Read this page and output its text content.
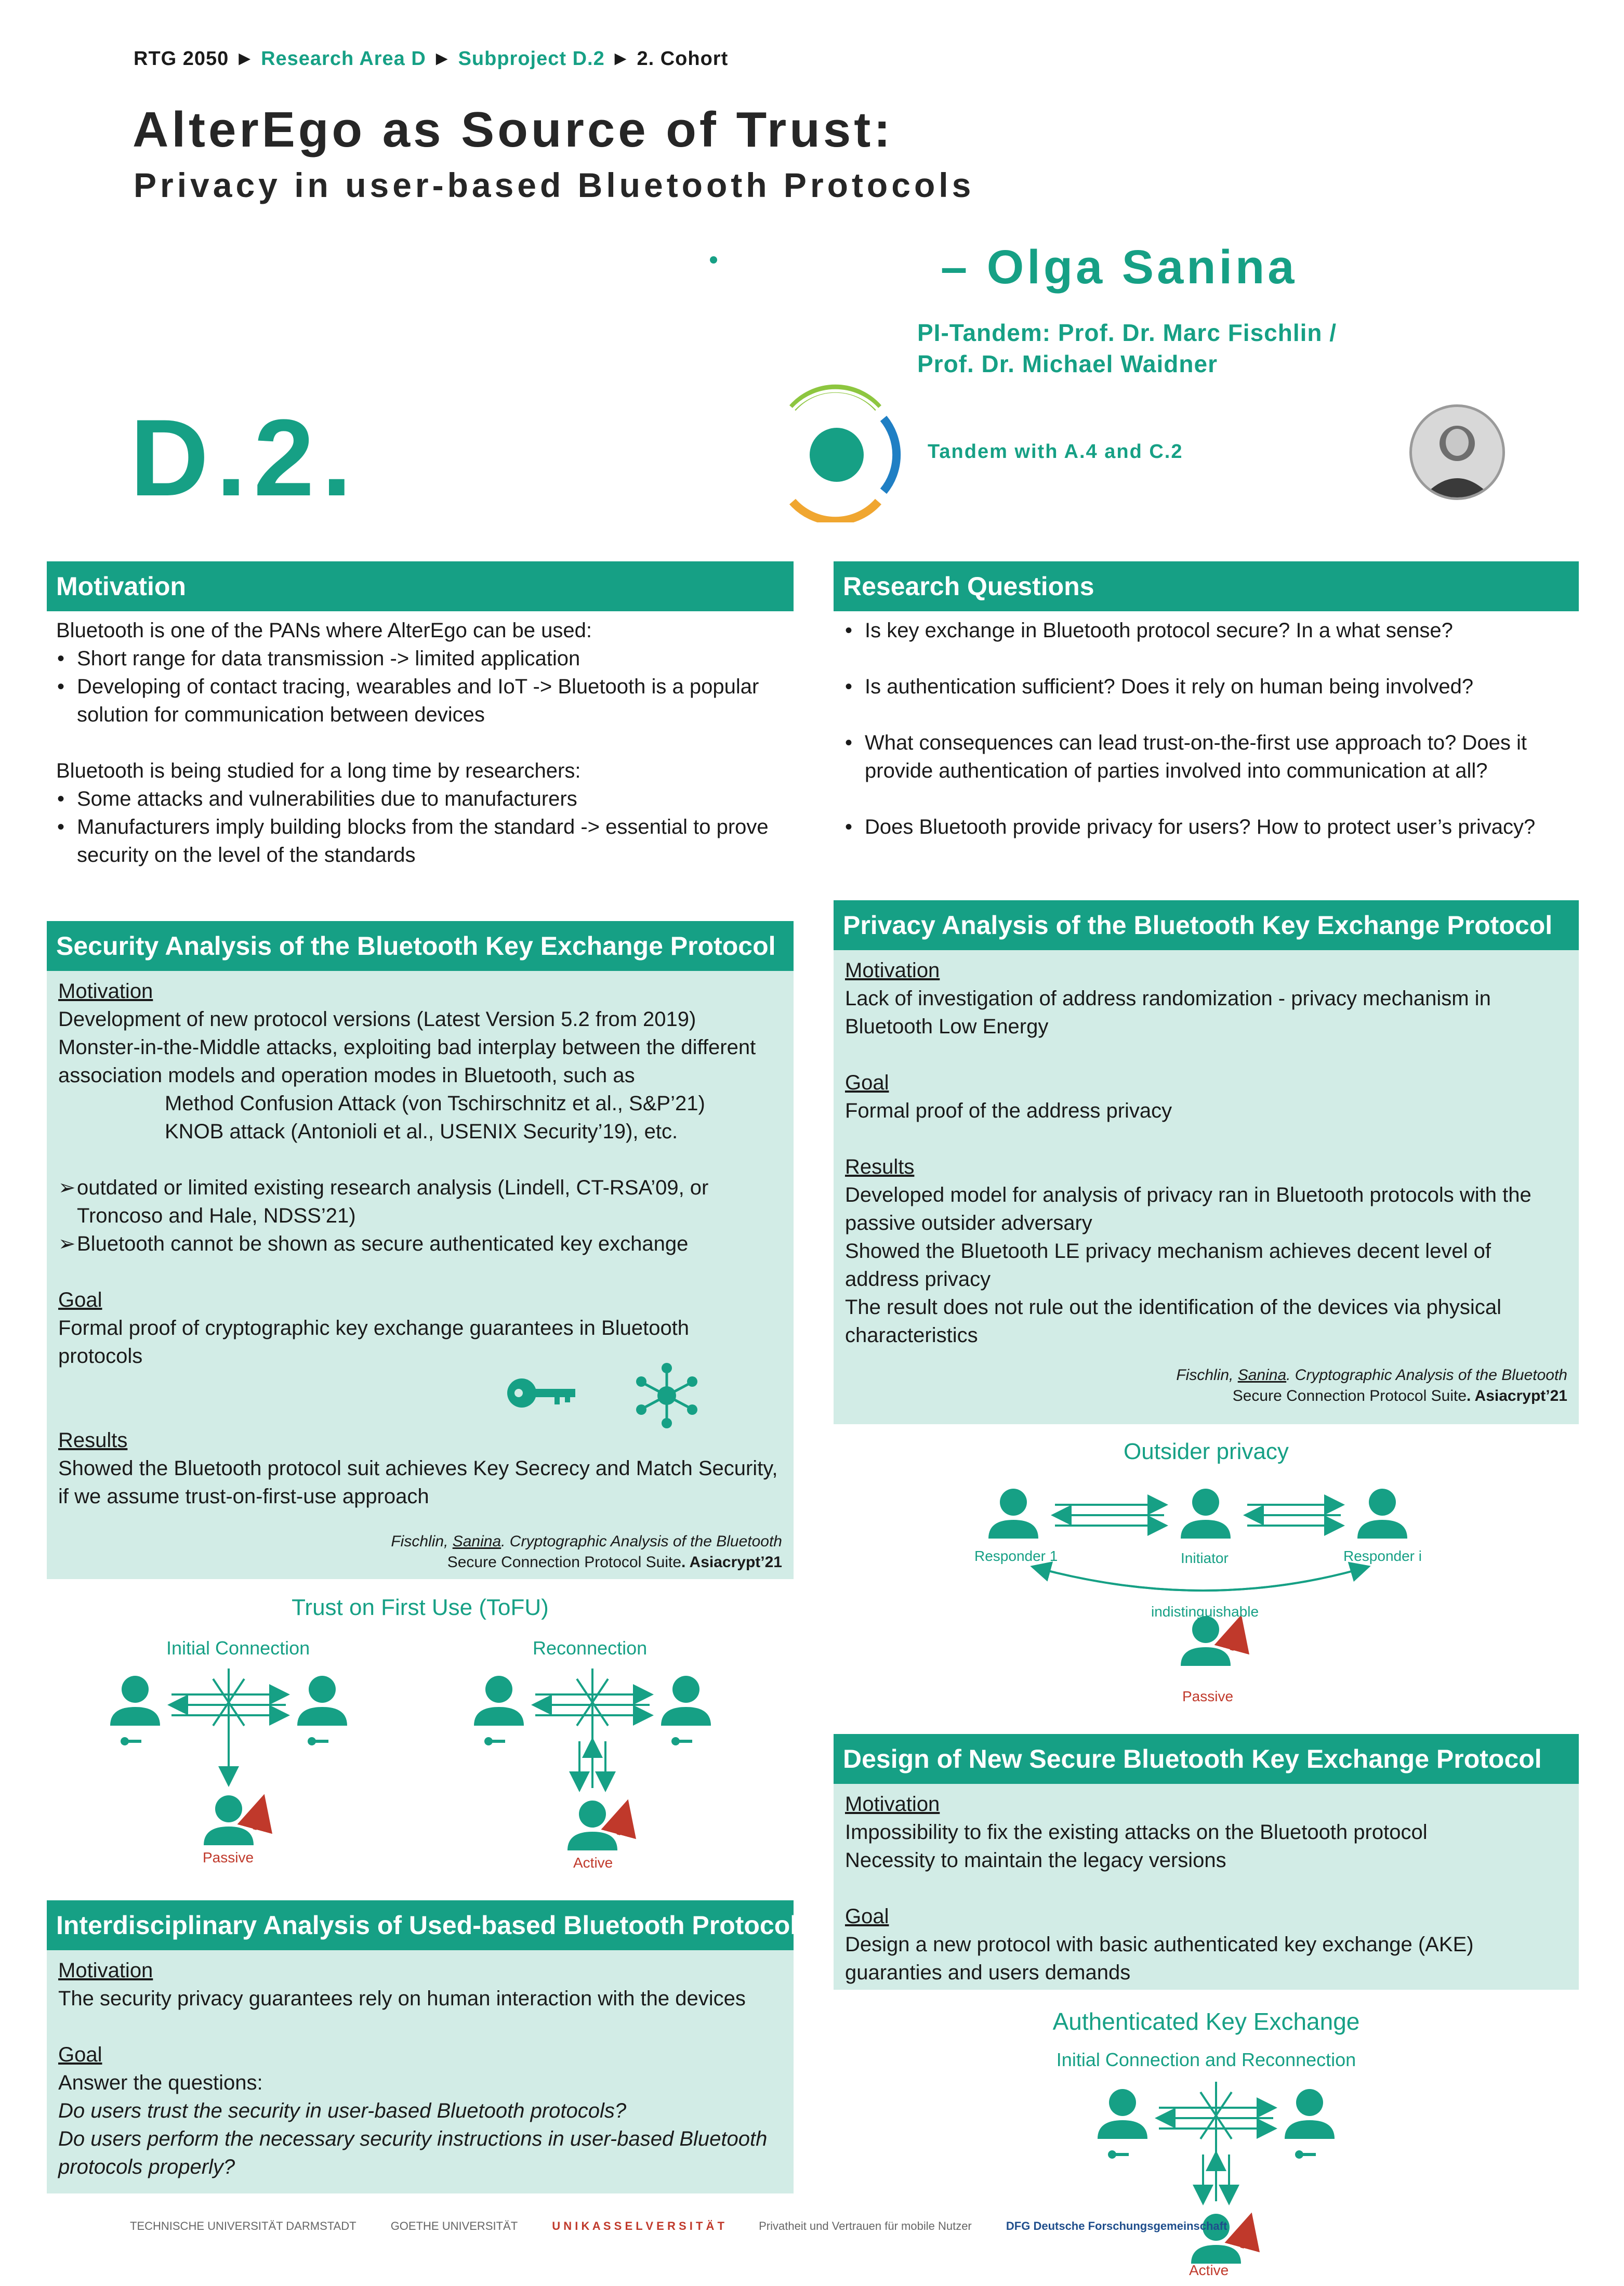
RTG 2050 ► Research Area D ► Subproject D.2 ► 2. Cohort
AlterEgo as Source of Trust:
Privacy in user-based Bluetooth Protocols
– Olga Sanina
PI-Tandem: Prof. Dr. Marc Fischlin /
Prof. Dr. Michael Waidner
D.2.	Tandem with A.4 and C.2
Motivation

Bluetooth is one of the PANs where AlterEgo can be used:

• Short range for data transmission -> limited application
• Developing of contact tracing, wearables and IoT -> Bluetooth is a popular solution for communication between devices

Bluetooth is being studied for a long time by researchers:

• Some attacks and vulnerabilities due to manufacturers
• Manufacturers imply building blocks from the standard -> essential to prove security on the level of the standards
Research Questions
• Is key exchange in Bluetooth protocol secure? In a what sense?
• Is authentication sufficient? Does it rely on human being involved?
• What consequences can lead trust-on-the-first use approach to? Does it provide authentication of parties involved into communication at all?
• Does Bluetooth provide privacy for users? How to protect user’s privacy?
Security Analysis of the Bluetooth Key Exchange Protocol

Motivation

Development of new protocol versions (Latest Version 5.2 from 2019)

Monster-in-the-Middle attacks, exploiting bad interplay between the different association models and operation modes in Bluetooth, such as

Method Confusion Attack (von Tschirschnitz et al., S&P’21)

KNOB attack (Antonioli et al., USENIX Security’19), etc.

➢ outdated or limited existing research analysis (Lindell, CT-RSA’09, or Troncoso and Hale, NDSS’21)
➢ Bluetooth cannot be shown as secure authenticated key exchange

Goal

Formal proof of cryptographic key exchange guarantees in Bluetooth protocols

Results

Showed the Bluetooth protocol suit achieves Key Secrecy and Match Security, if we assume trust-on-first-use approach

Fischlin, Sanina. Cryptographic Analysis of the Bluetooth
Secure Connection Protocol Suite. Asiacrypt’21
Trust on First Use (ToFU)
Initial Connection	Reconnection
Passive	Active
Interdisciplinary Analysis of Used-based Bluetooth Protocols

Motivation

The security privacy guarantees rely on human interaction with the devices

Goal

Answer the questions:

Do users trust the security in user-based Bluetooth protocols?

Do users perform the necessary security instructions in user-based Bluetooth protocols properly?

Privacy Analysis of the Bluetooth Key Exchange Protocol

Motivation

Lack of investigation of address randomization - privacy mechanism in Bluetooth Low Energy

Goal

Formal proof of the address privacy

Results

Developed model for analysis of privacy ran in Bluetooth protocols with the passive outsider adversary

Showed the Bluetooth LE privacy mechanism achieves decent level of address privacy

The result does not rule out the identification of the devices via physical characteristics

Fischlin, Sanina. Cryptographic Analysis of the Bluetooth
Secure Connection Protocol Suite. Asiacrypt’21
Outsider privacy
Responder 1	Initiator	Responder i
indistinguishable
Passive
Design of New Secure Bluetooth Key Exchange Protocol

Motivation

Impossibility to fix the existing attacks on the Bluetooth protocol

Necessity to maintain the legacy versions

Goal

Design a new protocol with basic authenticated key exchange (AKE) guaranties and users demands

Authenticated Key Exchange
Initial Connection and Reconnection
Active
TECHNISCHE UNIVERSITÄT DARMSTADT	GOETHE UNIVERSITÄT	U N I K A S S E L V E R S I T Ä T	Privatheit und Vertrauen für mobile Nutzer	DFG Deutsche Forschungsgemeinschaft
